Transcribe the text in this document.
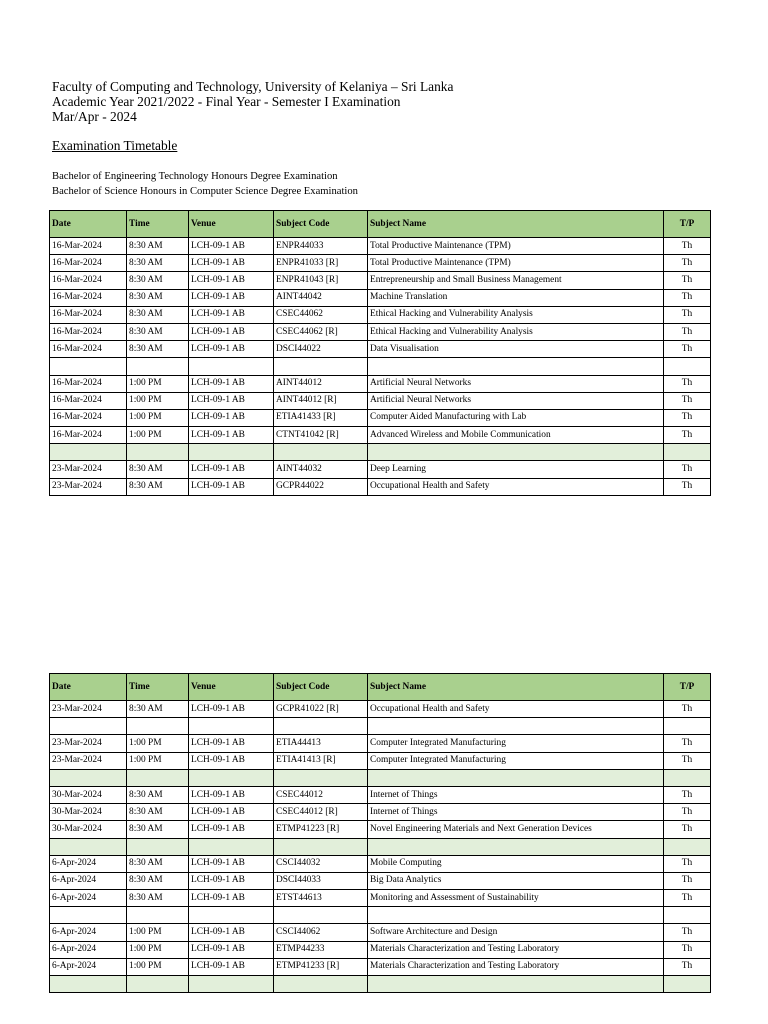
Faculty of Computing and Technology, University of Kelaniya – Sri Lanka
Academic Year 2021/2022 - Final Year - Semester I Examination
Mar/Apr - 2024
Examination Timetable
Bachelor of Engineering Technology Honours Degree Examination
Bachelor of Science Honours in Computer Science Degree Examination
Date	Time	Venue	Subject Code	Subject Name	T/P
16-Mar-2024	8:30 AM	LCH-09-1 AB	ENPR44033	Total Productive Maintenance (TPM)	Th
16-Mar-2024	8:30 AM	LCH-09-1 AB	ENPR41033 [R]	Total Productive Maintenance (TPM)	Th
16-Mar-2024	8:30 AM	LCH-09-1 AB	ENPR41043 [R]	Entrepreneurship and Small Business Management	Th
16-Mar-2024	8:30 AM	LCH-09-1 AB	AINT44042	Machine Translation	Th
16-Mar-2024	8:30 AM	LCH-09-1 AB	CSEC44062	Ethical Hacking and Vulnerability Analysis	Th
16-Mar-2024	8:30 AM	LCH-09-1 AB	CSEC44062 [R]	Ethical Hacking and Vulnerability Analysis	Th
16-Mar-2024	8:30 AM	LCH-09-1 AB	DSCI44022	Data Visualisation	Th

16-Mar-2024	1:00 PM	LCH-09-1 AB	AINT44012	Artificial Neural Networks	Th
16-Mar-2024	1:00 PM	LCH-09-1 AB	AINT44012 [R]	Artificial Neural Networks	Th
16-Mar-2024	1:00 PM	LCH-09-1 AB	ETIA41433 [R]	Computer Aided Manufacturing with Lab	Th
16-Mar-2024	1:00 PM	LCH-09-1 AB	CTNT41042 [R]	Advanced Wireless and Mobile Communication	Th

23-Mar-2024	8:30 AM	LCH-09-1 AB	AINT44032	Deep Learning	Th
23-Mar-2024	8:30 AM	LCH-09-1 AB	GCPR44022	Occupational Health and Safety	Th
Date	Time	Venue	Subject Code	Subject Name	T/P
23-Mar-2024	8:30 AM	LCH-09-1 AB	GCPR41022 [R]	Occupational Health and Safety	Th

23-Mar-2024	1:00 PM	LCH-09-1 AB	ETIA44413	Computer Integrated Manufacturing	Th
23-Mar-2024	1:00 PM	LCH-09-1 AB	ETIA41413 [R]	Computer Integrated Manufacturing	Th

30-Mar-2024	8:30 AM	LCH-09-1 AB	CSEC44012	Internet of Things	Th
30-Mar-2024	8:30 AM	LCH-09-1 AB	CSEC44012 [R]	Internet of Things	Th
30-Mar-2024	8:30 AM	LCH-09-1 AB	ETMP41223 [R]	Novel Engineering Materials and Next Generation Devices	Th

6-Apr-2024	8:30 AM	LCH-09-1 AB	CSCI44032	Mobile Computing	Th
6-Apr-2024	8:30 AM	LCH-09-1 AB	DSCI44033	Big Data Analytics	Th
6-Apr-2024	8:30 AM	LCH-09-1 AB	ETST44613	Monitoring and Assessment of Sustainability	Th

6-Apr-2024	1:00 PM	LCH-09-1 AB	CSCI44062	Software Architecture and Design	Th
6-Apr-2024	1:00 PM	LCH-09-1 AB	ETMP44233	Materials Characterization and Testing Laboratory	Th
6-Apr-2024	1:00 PM	LCH-09-1 AB	ETMP41233 [R]	Materials Characterization and Testing Laboratory	Th
